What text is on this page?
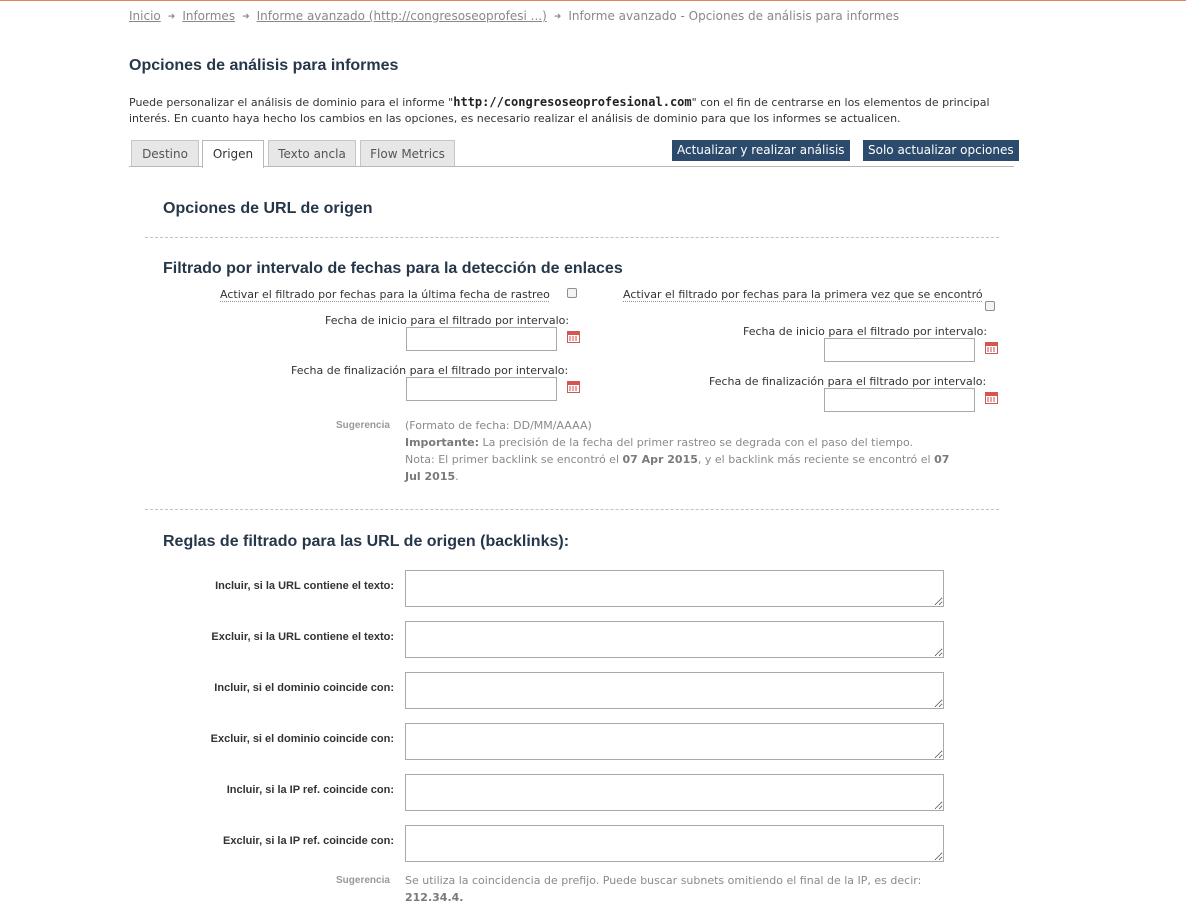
Inicio ➜ Informes ➜ Informe avanzado (http://congresoseoprofesi ...) ➜ Informe avanzado - Opciones de análisis para informes
Opciones de análisis para informes

Puede personalizar el análisis de dominio para el informe "http://congresoseoprofesional.com" con el fin de centrarse en los elementos de principal interés. En cuanto haya hecho los cambios en las opciones, es necesario realizar el análisis de dominio para que los informes se actualicen.

Destino	Origen	Texto ancla	Flow Metrics	Actualizar y realizar análisis	Solo actualizar opciones
Opciones de URL de origen
Filtrado por intervalo de fechas para la detección de enlaces
Activar el filtrado por fechas para la última fecha de rastreo
Fecha de inicio para el filtrado por intervalo:
Fecha de finalización para el filtrado por intervalo:
Activar el filtrado por fechas para la primera vez que se encontró
Fecha de inicio para el filtrado por intervalo:
Fecha de finalización para el filtrado por intervalo:
Sugerencia (Formato de fecha: DD/MM/AAAA)
Importante: La precisión de la fecha del primer rastreo se degrada con el paso del tiempo.
Nota: El primer backlink se encontró el 07 Apr 2015, y el backlink más reciente se encontró el 07
Jul 2015.
Reglas de filtrado para las URL de origen (backlinks):
Incluir, si la URL contiene el texto:
Excluir, si la URL contiene el texto:
Incluir, si el dominio coincide con:
Excluir, si el dominio coincide con:
Incluir, si la IP ref. coincide con:
Excluir, si la IP ref. coincide con:
Sugerencia Se utiliza la coincidencia de prefijo. Puede buscar subnets omitiendo el final de la IP, es decir:
212.34.4.
